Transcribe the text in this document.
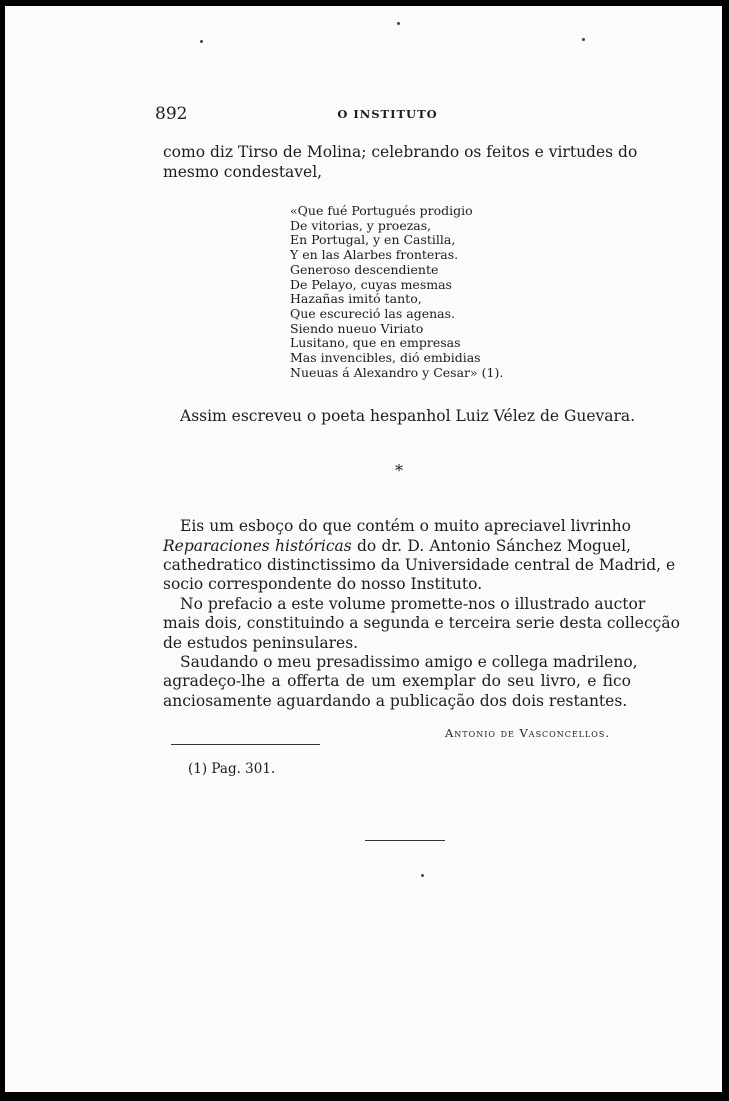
892	O INSTITUTO
como diz Tirso de Molina; celebrando os feitos e virtudes do
mesmo condestavel,
«Que fué Portugués prodigio
De vitorias, y proezas,
En Portugal, y en Castilla,
Y en las Alarbes fronteras.
Generoso descendiente
De Pelayo, cuyas mesmas
Hazañas imitó tanto,
Que escureció las agenas.
Siendo nueuo Viriato
Lusitano, que en empresas
Mas invencibles, dió embidias
Nueuas á Alexandro y Cesar» (1).
Assim escreveu o poeta hespanhol Luiz Vélez de Guevara.
*
Eis um esboço do que contém o muito apreciavel livrinho
Reparaciones históricas do dr. D. Antonio Sánchez Moguel,
cathedratico distinctissimo da Universidade central de Madrid, e
socio correspondente do nosso Instituto.
No prefacio a este volume promette-nos o illustrado auctor
mais dois, constituindo a segunda e terceira serie desta collecção
de estudos peninsulares.
Saudando o meu presadissimo amigo e collega madrileno,
agradeço-lhe a offerta de um exemplar do seu livro, e fico
anciosamente aguardando a publicação dos dois restantes.
Antonio de Vasconcellos.
(1) Pag. 301.
